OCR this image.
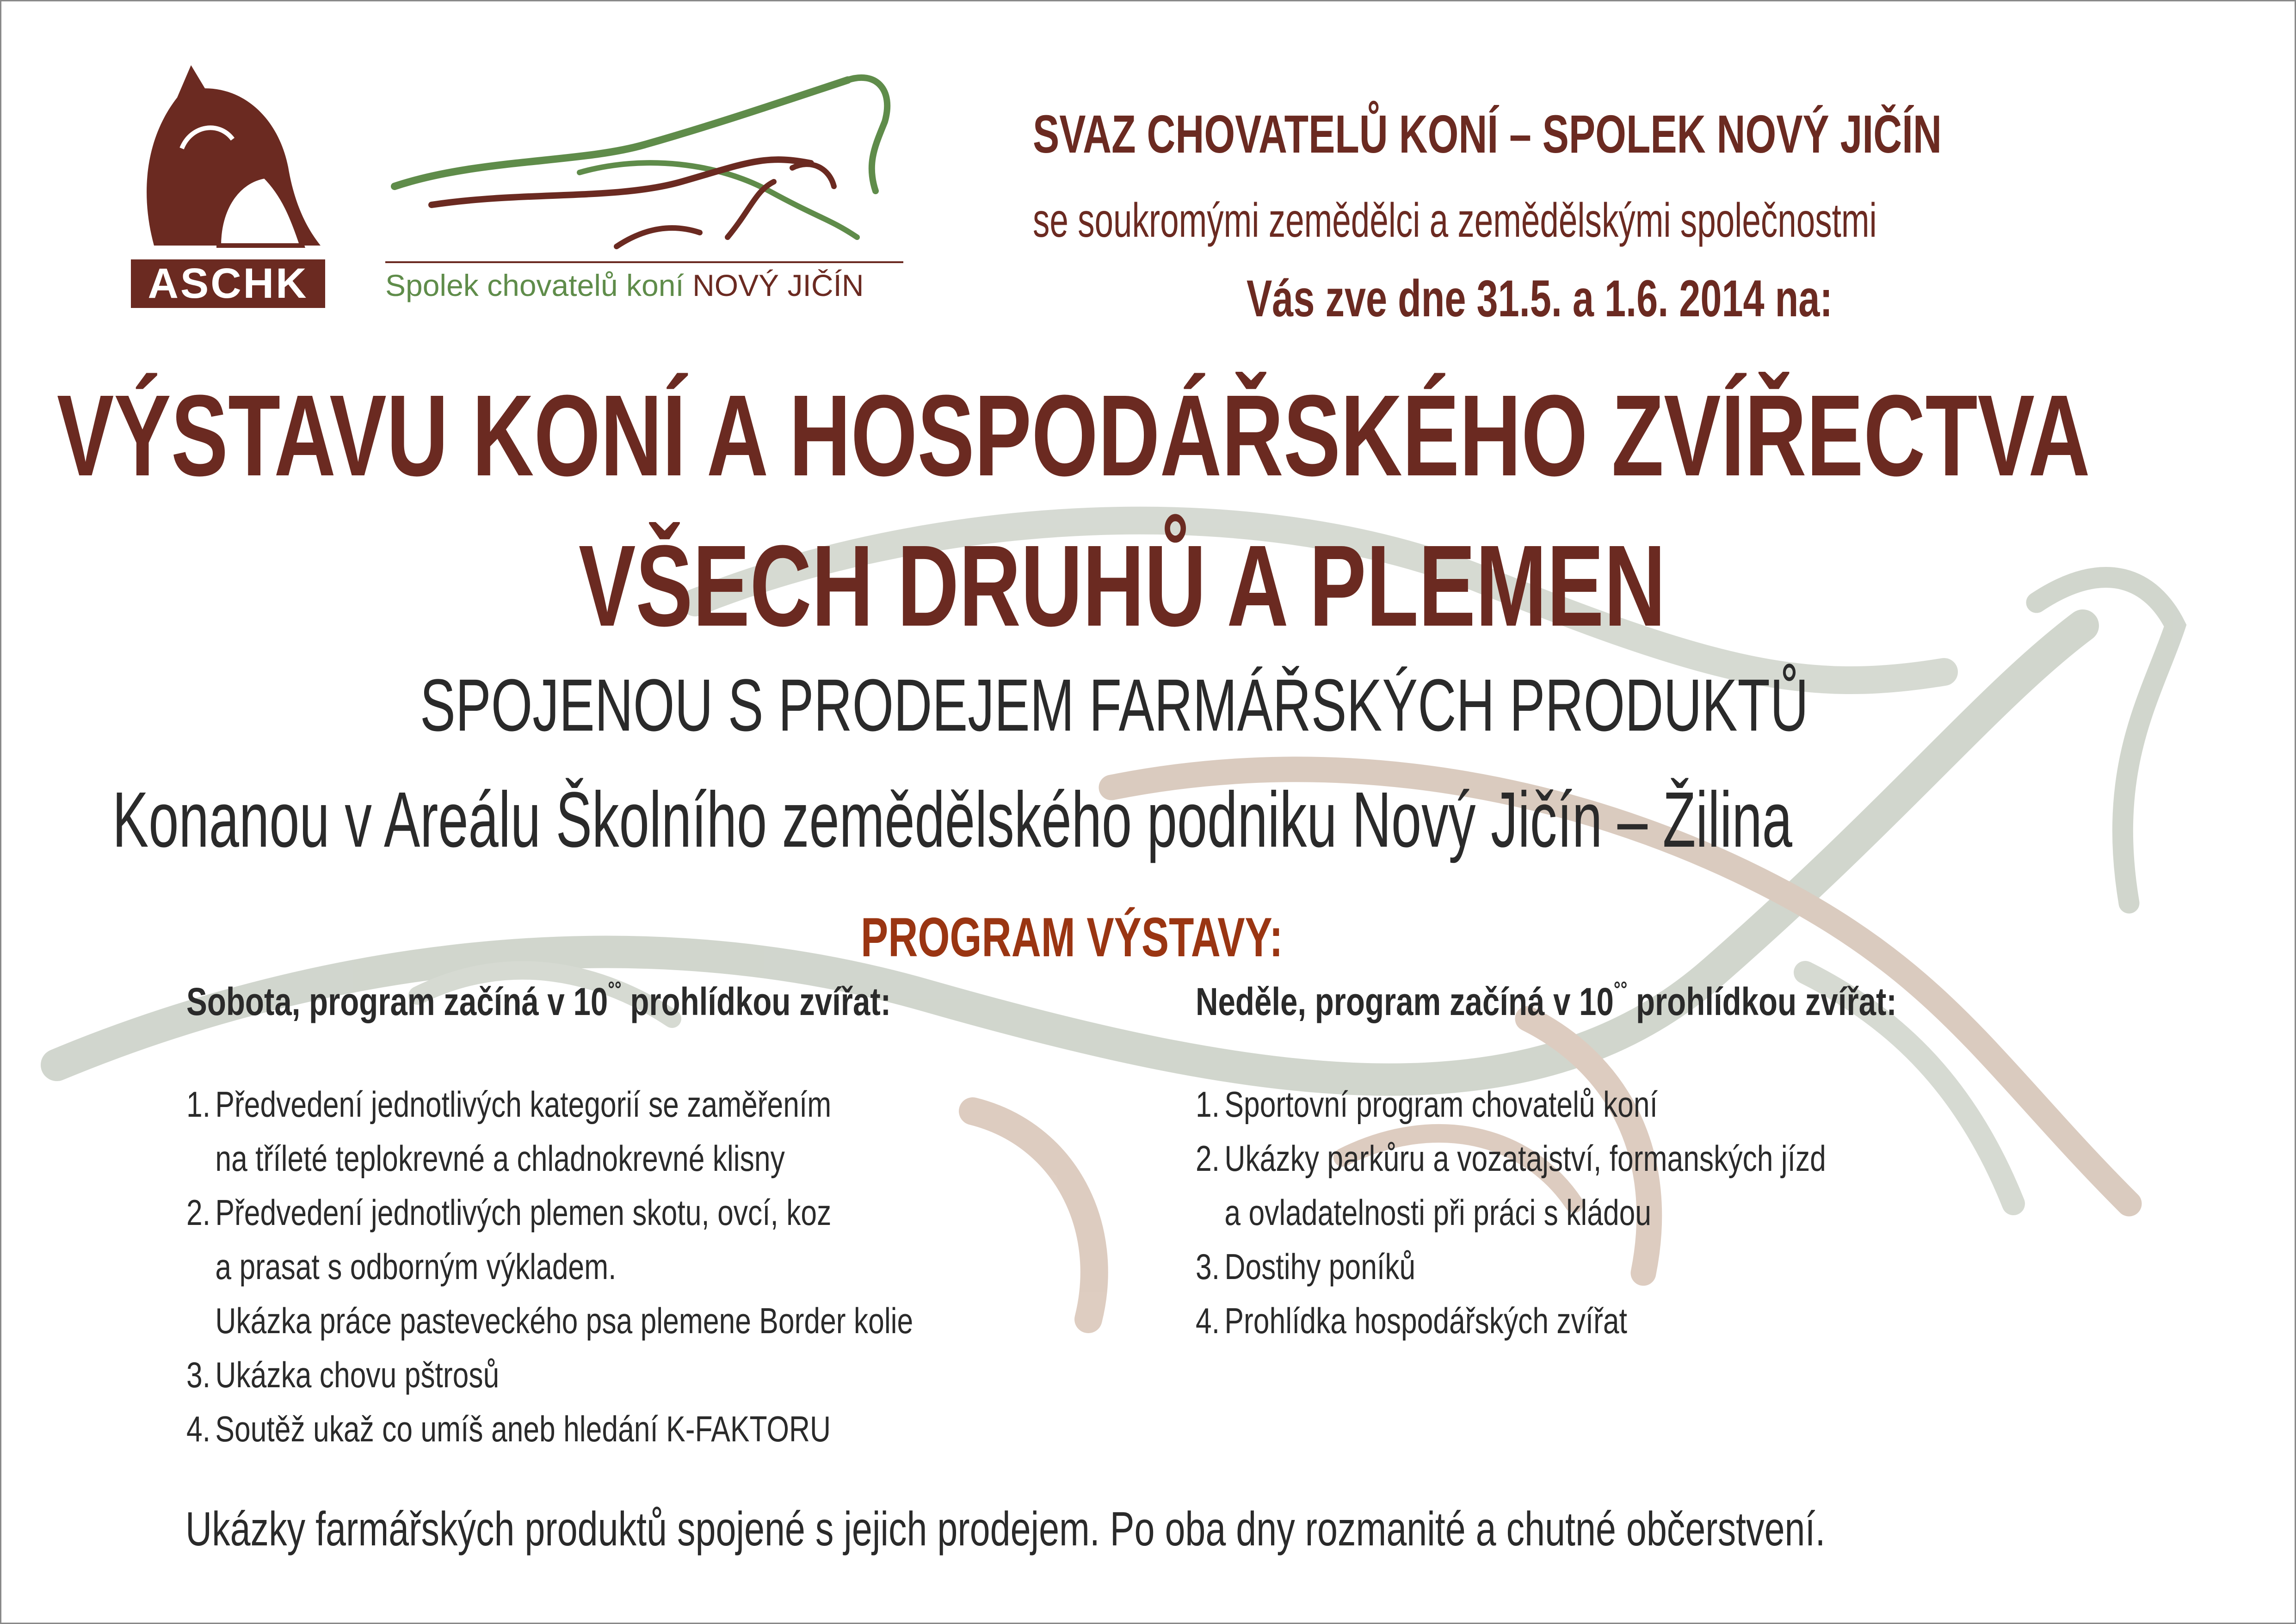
ASCHK	Spolek chovatelů koní NOVÝ JIČÍN
SVAZ CHOVATELŮ KONÍ – SPOLEK NOVÝ JIČÍN
se soukromými zemědělci a zemědělskými společnostmi
Vás zve dne 31.5. a 1.6. 2014 na:
VÝSTAVU KONÍ A HOSPODÁŘSKÉHO ZVÍŘECTVA
VŠECH DRUHŮ A PLEMEN
SPOJENOU S PRODEJEM FARMÁŘSKÝCH PRODUKTŮ
Konanou v Areálu Školního zemědělského podniku Nový Jičín – Žilina
PROGRAM VÝSTAVY:
Sobota, program začíná v 10°° prohlídkou zvířat:
1. Předvedení jednotlivých kategorií se zaměřením
na tříleté teplokrevné a chladnokrevné klisny
2. Předvedení jednotlivých plemen skotu, ovcí, koz
a prasat s odborným výkladem.
Ukázka práce pasteveckého psa plemene Border kolie
3. Ukázka chovu pštrosů
4. Soutěž ukaž co umíš aneb hledání K-FAKTORU
Neděle, program začíná v 10°° prohlídkou zvířat:
1. Sportovní program chovatelů koní
2. Ukázky parkůru a vozatajství, formanských jízd
a ovladatelnosti při práci s kládou
3. Dostihy poníků
4. Prohlídka hospodářských zvířat
Ukázky farmářských produktů spojené s jejich prodejem. Po oba dny rozmanité a chutné občerstvení.
